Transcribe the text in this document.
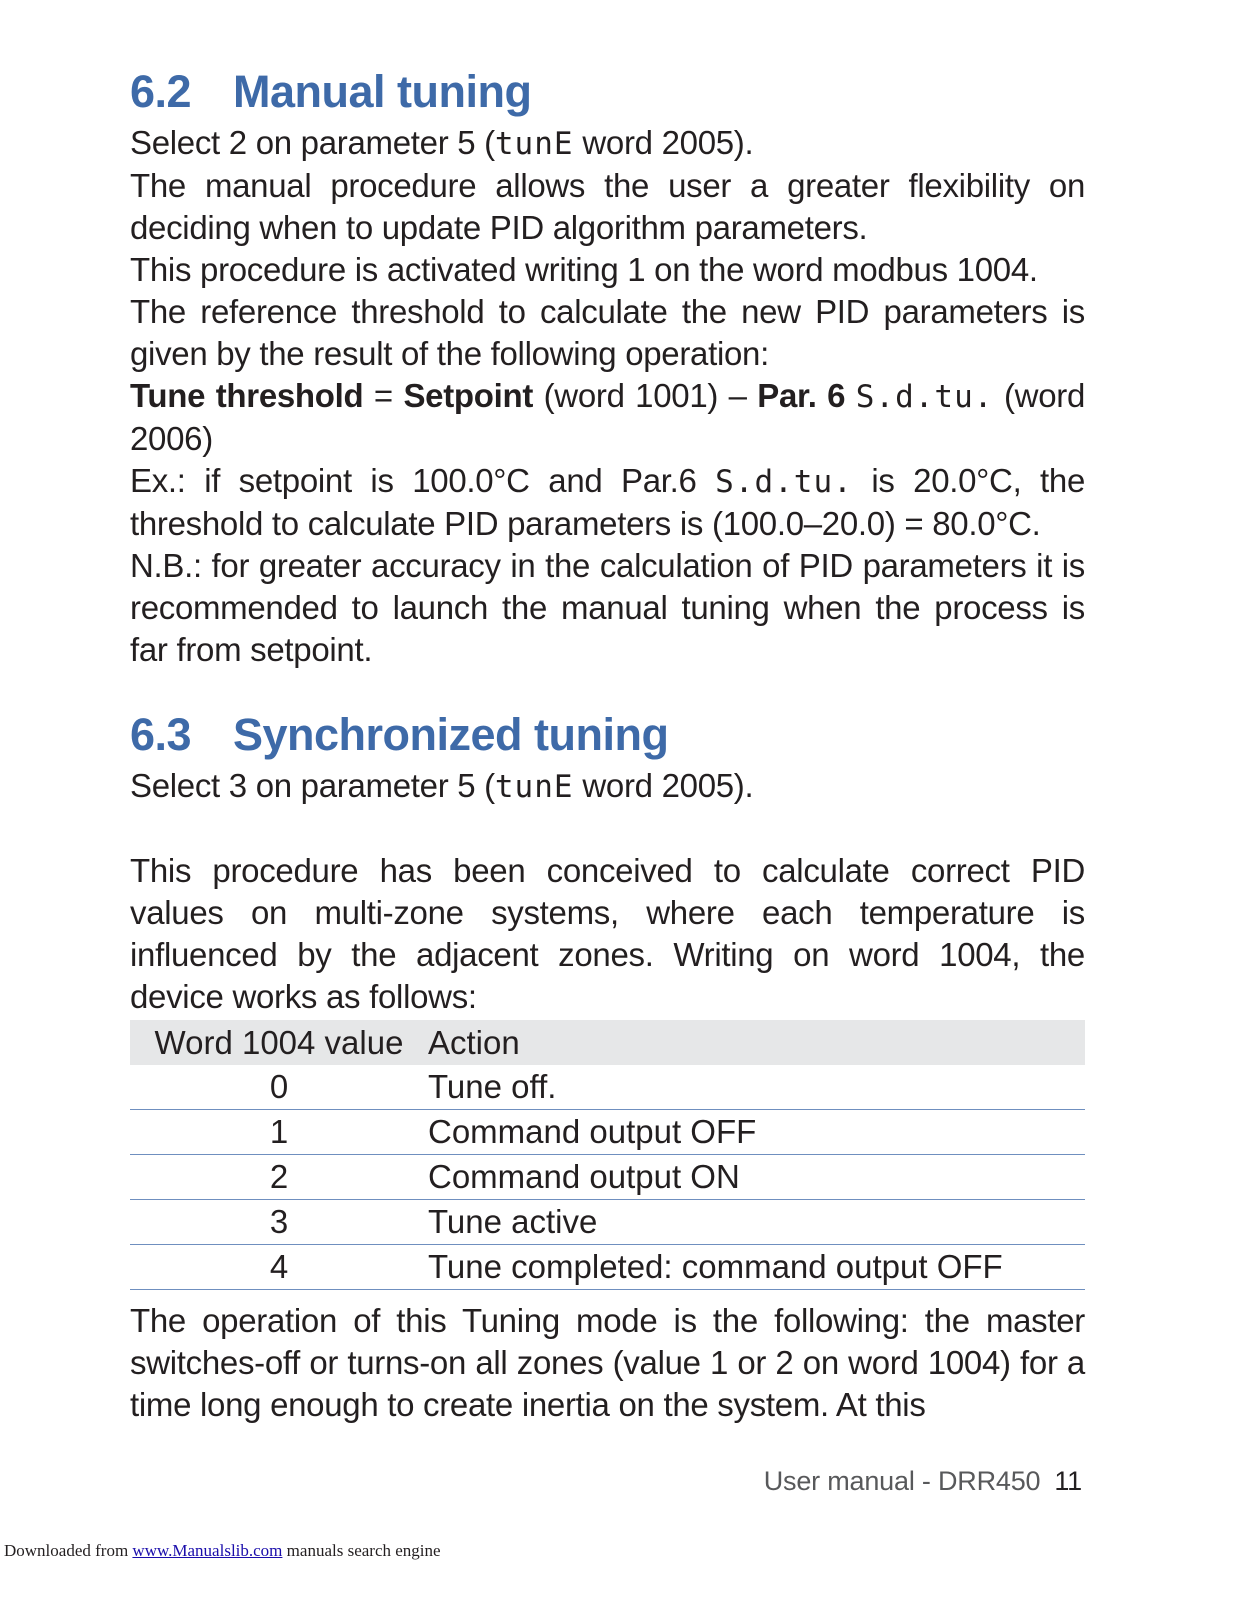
6.2 Manual tuning

Select 2 on parameter 5 (tunE word 2005).

The manual procedure allows the user a greater flexibility on deciding when to update PID algorithm parameters.

This procedure is activated writing 1 on the word modbus 1004.

The reference threshold to calculate the new PID parameters is given by the result of the following operation:

Tune threshold = Setpoint (word 1001) – Par. 6 S.d.tu. (word 2006)

Ex.: if setpoint is 100.0°C and Par.6 S.d.tu. is 20.0°C, the threshold to calculate PID parameters is (100.0–20.0) = 80.0°C.

N.B.: for greater accuracy in the calculation of PID parameters it is recommended to launch the manual tuning when the process is far from setpoint.

6.3 Synchronized tuning

Select 3 on parameter 5 (tunE word 2005).

This procedure has been conceived to calculate correct PID values on multi-zone systems, where each temperature is influenced by the adjacent zones. Writing on word 1004, the device works as follows:

Word 1004 value	Action
0	Tune off.
1	Command output OFF
2	Command output ON
3	Tune active
4	Tune completed: command output OFF

The operation of this Tuning mode is the following: the master switches-off or turns-on all zones (value 1 or 2 on word 1004) for a time long enough to create inertia on the system. At this

User manual - DRR450 11
Downloaded from www.Manualslib.com manuals search engine
